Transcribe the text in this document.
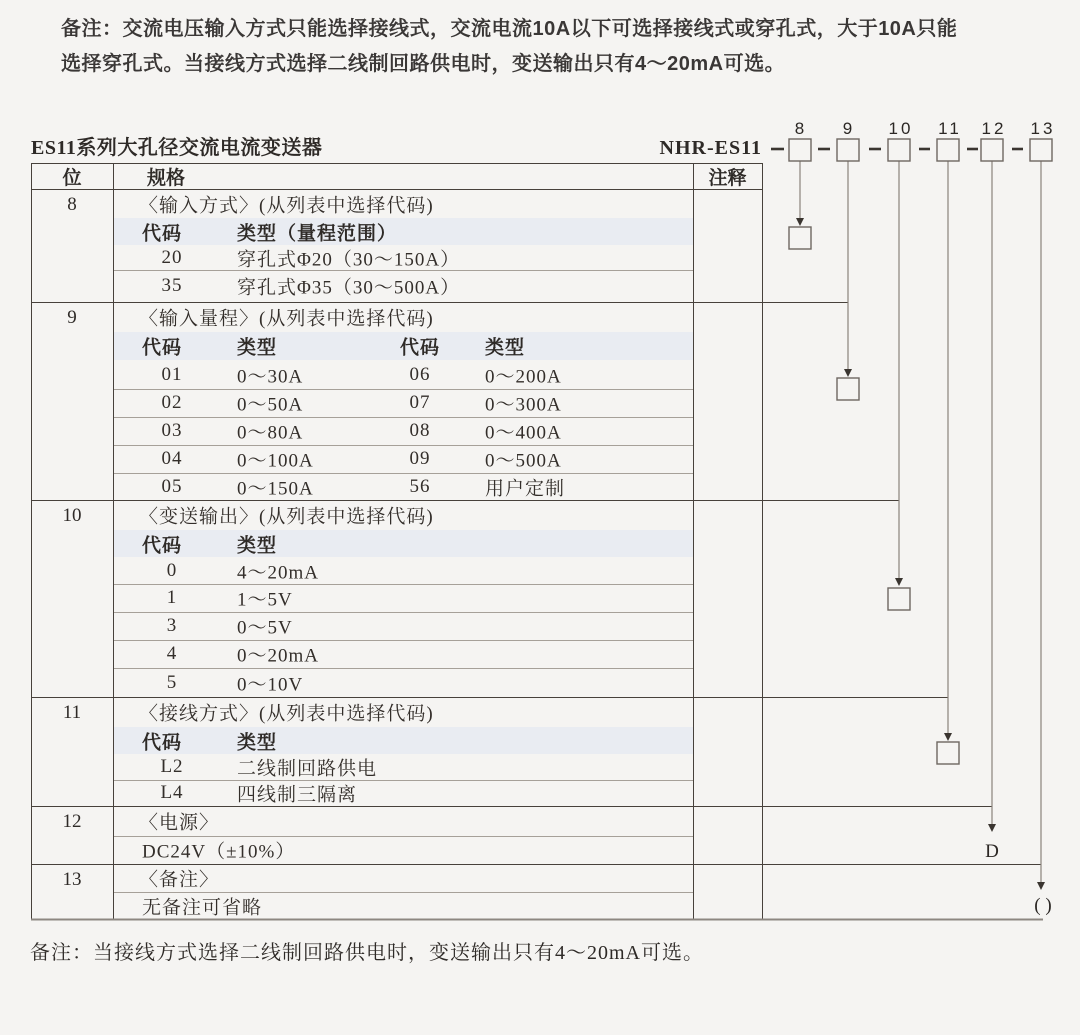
备注：交流电压输入方式只能选择接线式，交流电流10A以下可选择接线式或穿孔式，大于10A只能
选择穿孔式。当接线方式选择二线制回路供电时，变送输出只有4～20mA可选。
ES11系列大孔径交流电流变送器	NHR-ES11
位	规格	注释
8	〈输入方式〉(从列表中选择代码)
代码	类型（量程范围）
20	穿孔式Φ20（30～150A）
35	穿孔式Φ35（30～500A）
9	〈输入量程〉(从列表中选择代码)
代码	类型	代码 类型
01	0～30A	06	0～200A
02	0～50A	07	0～300A
03	0～80A	08	0～400A
04	0～100A	09	0～500A
05	0～150A	56	用户定制
10	〈变送输出〉(从列表中选择代码)
代码	类型
0	4～20mA
1	1～5V
3	0～5V
4	0～20mA
5	0～10V
11	〈接线方式〉(从列表中选择代码)
代码	类型
L2	二线制回路供电
L4	四线制三隔离
12	〈电源〉
DC24V（±10%）
13	〈备注〉
无备注可省略
备注：当接线方式选择二线制回路供电时，变送输出只有4～20mA可选。
8 9 10 11 12 13
D
( )
